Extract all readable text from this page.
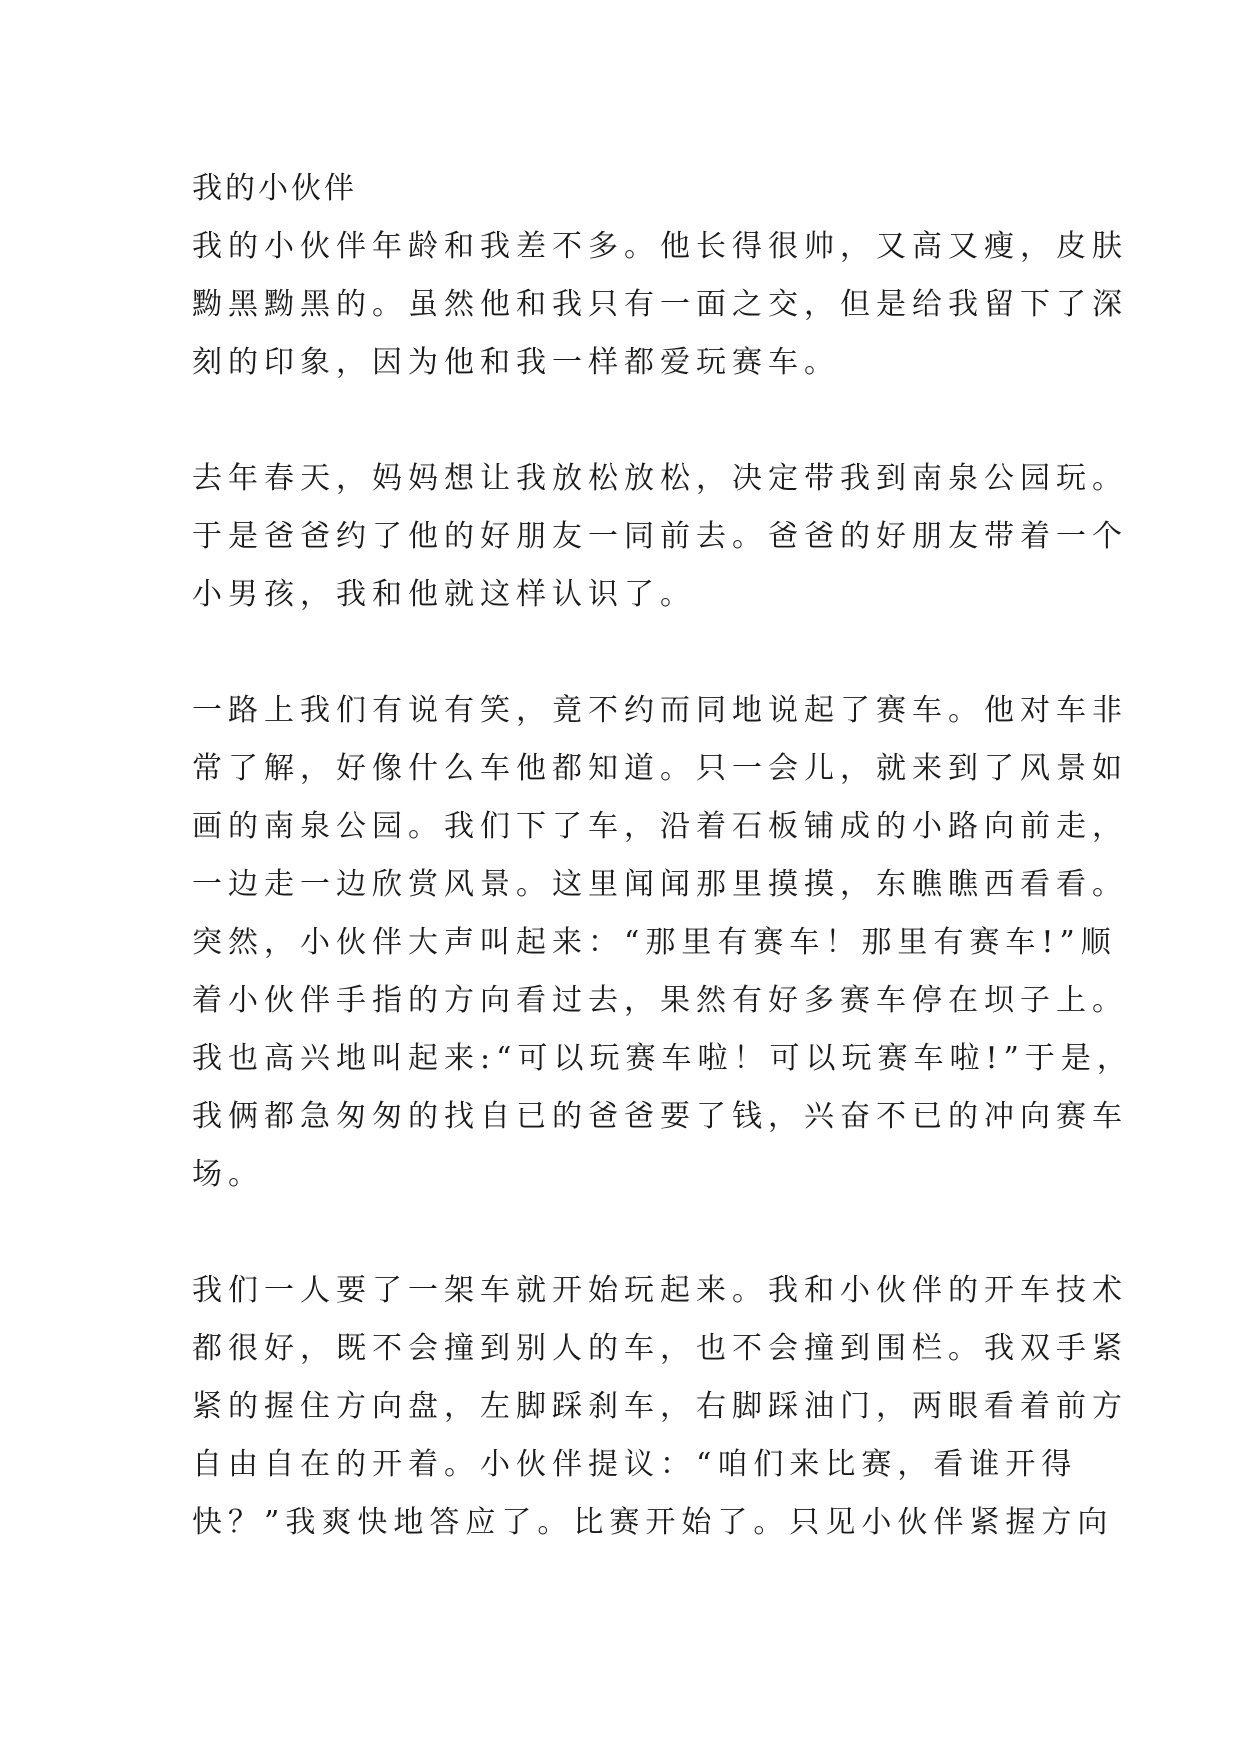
我的小伙伴
我的小伙伴年龄和我差不多。他长得很帅，又高又瘦，皮肤
黝黑黝黑的。虽然他和我只有一面之交，但是给我留下了深
刻的印象，因为他和我一样都爱玩赛车。
去年春天，妈妈想让我放松放松，决定带我到南泉公园玩。
于是爸爸约了他的好朋友一同前去。爸爸的好朋友带着一个
小男孩，我和他就这样认识了。
一路上我们有说有笑，竟不约而同地说起了赛车。他对车非
常了解，好像什么车他都知道。只一会儿，就来到了风景如
画的南泉公园。我们下了车，沿着石板铺成的小路向前走，
一边走一边欣赏风景。这里闻闻那里摸摸，东瞧瞧西看看。
突然，小伙伴大声叫起来：“那里有赛车！那里有赛车!”顺
着小伙伴手指的方向看过去，果然有好多赛车停在坝子上。
我也高兴地叫起来:“可以玩赛车啦！可以玩赛车啦!”于是，
我俩都急匆匆的找自已的爸爸要了钱，兴奋不已的冲向赛车
场。
我们一人要了一架车就开始玩起来。我和小伙伴的开车技术
都很好，既不会撞到别人的车，也不会撞到围栏。我双手紧
紧的握住方向盘，左脚踩刹车，右脚踩油门，两眼看着前方
自由自在的开着。小伙伴提议：“咱们来比赛，看谁开得
快？”我爽快地答应了。比赛开始了。只见小伙伴紧握方向
